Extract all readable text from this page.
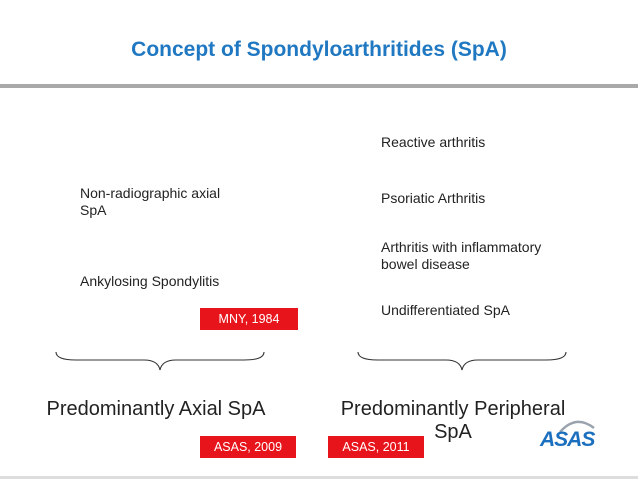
Concept of Spondyloarthritides (SpA)
Non-radiographic axial SpA
Ankylosing Spondylitis
MNY, 1984
Reactive arthritis
Psoriatic Arthritis
Arthritis with inflammatory bowel disease
Undifferentiated SpA
Predominantly Axial SpA	Predominantly Peripheral SpA
ASAS, 2009	ASAS, 2011	ASAS
